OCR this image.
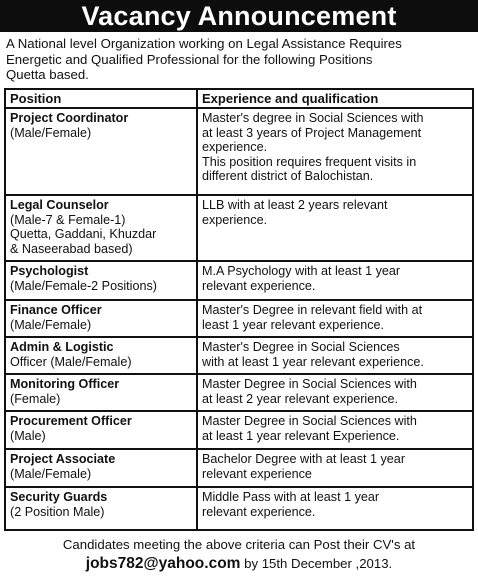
Vacancy Announcement
A National level Organization working on Legal Assistance Requires
Energetic and Qualified Professional for the following Positions
Quetta based.
Position	Experience and qualification
Project Coordinator
(Male/Female)
Master's degree in Social Sciences with
at least 3 years of Project Management
experience.
This position requires frequent visits in
different district of Balochistan.
Legal Counselor
(Male-7 & Female-1)
Quetta, Gaddani, Khuzdar
& Naseerabad based)
LLB with at least 2 years relevant
experience.
Psychologist
(Male/Female-2 Positions)
M.A Psychology with at least 1 year
relevant experience.
Finance Officer
(Male/Female)
Master's Degree in relevant field with at
least 1 year relevant experience.
Admin & Logistic
Officer (Male/Female)
Master's Degree in Social Sciences
with at least 1 year relevant experience.
Monitoring Officer
(Female)
Master Degree in Social Sciences with
at least 2 year relevant experience.
Procurement Officer
(Male)
Master Degree in Social Sciences with
at least 1 year relevant Experience.
Project Associate
(Male/Female)
Bachelor Degree with at least 1 year
relevant experience
Security Guards
(2 Position Male)
Middle Pass with at least 1 year
relevant experience.
Candidates meeting the above criteria can Post their CV's at
jobs782@yahoo.com by 15th December ,2013.
